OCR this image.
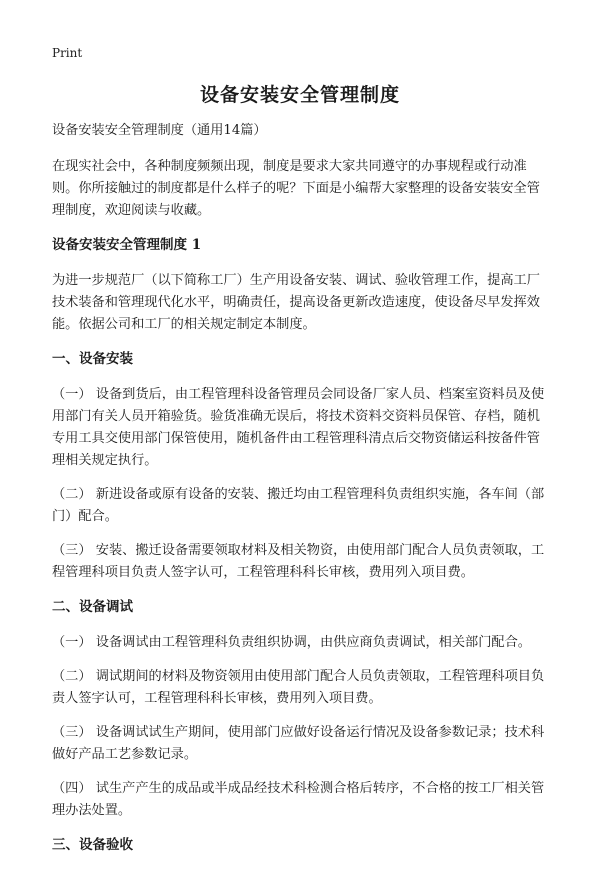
Print
设备安装安全管理制度

设备安装安全管理制度（通用14篇）

在现实社会中，各种制度频频出现，制度是要求大家共同遵守的办事规程或行动准则。你所接触过的制度都是什么样子的呢？下面是小编帮大家整理的设备安装安全管理制度，欢迎阅读与收藏。

设备安装安全管理制度 1

为进一步规范厂（以下简称工厂）生产用设备安装、调试、验收管理工作，提高工厂技术装备和管理现代化水平，明确责任，提高设备更新改造速度，使设备尽早发挥效能。依据公司和工厂的相关规定制定本制度。

一、设备安装

（一） 设备到货后，由工程管理科设备管理员会同设备厂家人员、档案室资料员及使用部门有关人员开箱验货。验货准确无误后，将技术资料交资料员保管、存档，随机专用工具交使用部门保管使用，随机备件由工程管理科清点后交物资储运科按备件管理相关规定执行。

（二） 新进设备或原有设备的安装、搬迁均由工程管理科负责组织实施，各车间（部门）配合。

（三） 安装、搬迁设备需要领取材料及相关物资，由使用部门配合人员负责领取，工程管理科项目负责人签字认可，工程管理科科长审核，费用列入项目费。

二、设备调试

（一） 设备调试由工程管理科负责组织协调，由供应商负责调试，相关部门配合。

（二） 调试期间的材料及物资领用由使用部门配合人员负责领取，工程管理科项目负责人签字认可，工程管理科科长审核，费用列入项目费。

（三） 设备调试试生产期间，使用部门应做好设备运行情况及设备参数记录；技术科做好产品工艺参数记录。

（四） 试生产产生的成品或半成品经技术科检测合格后转序，不合格的按工厂相关管理办法处置。

三、设备验收
